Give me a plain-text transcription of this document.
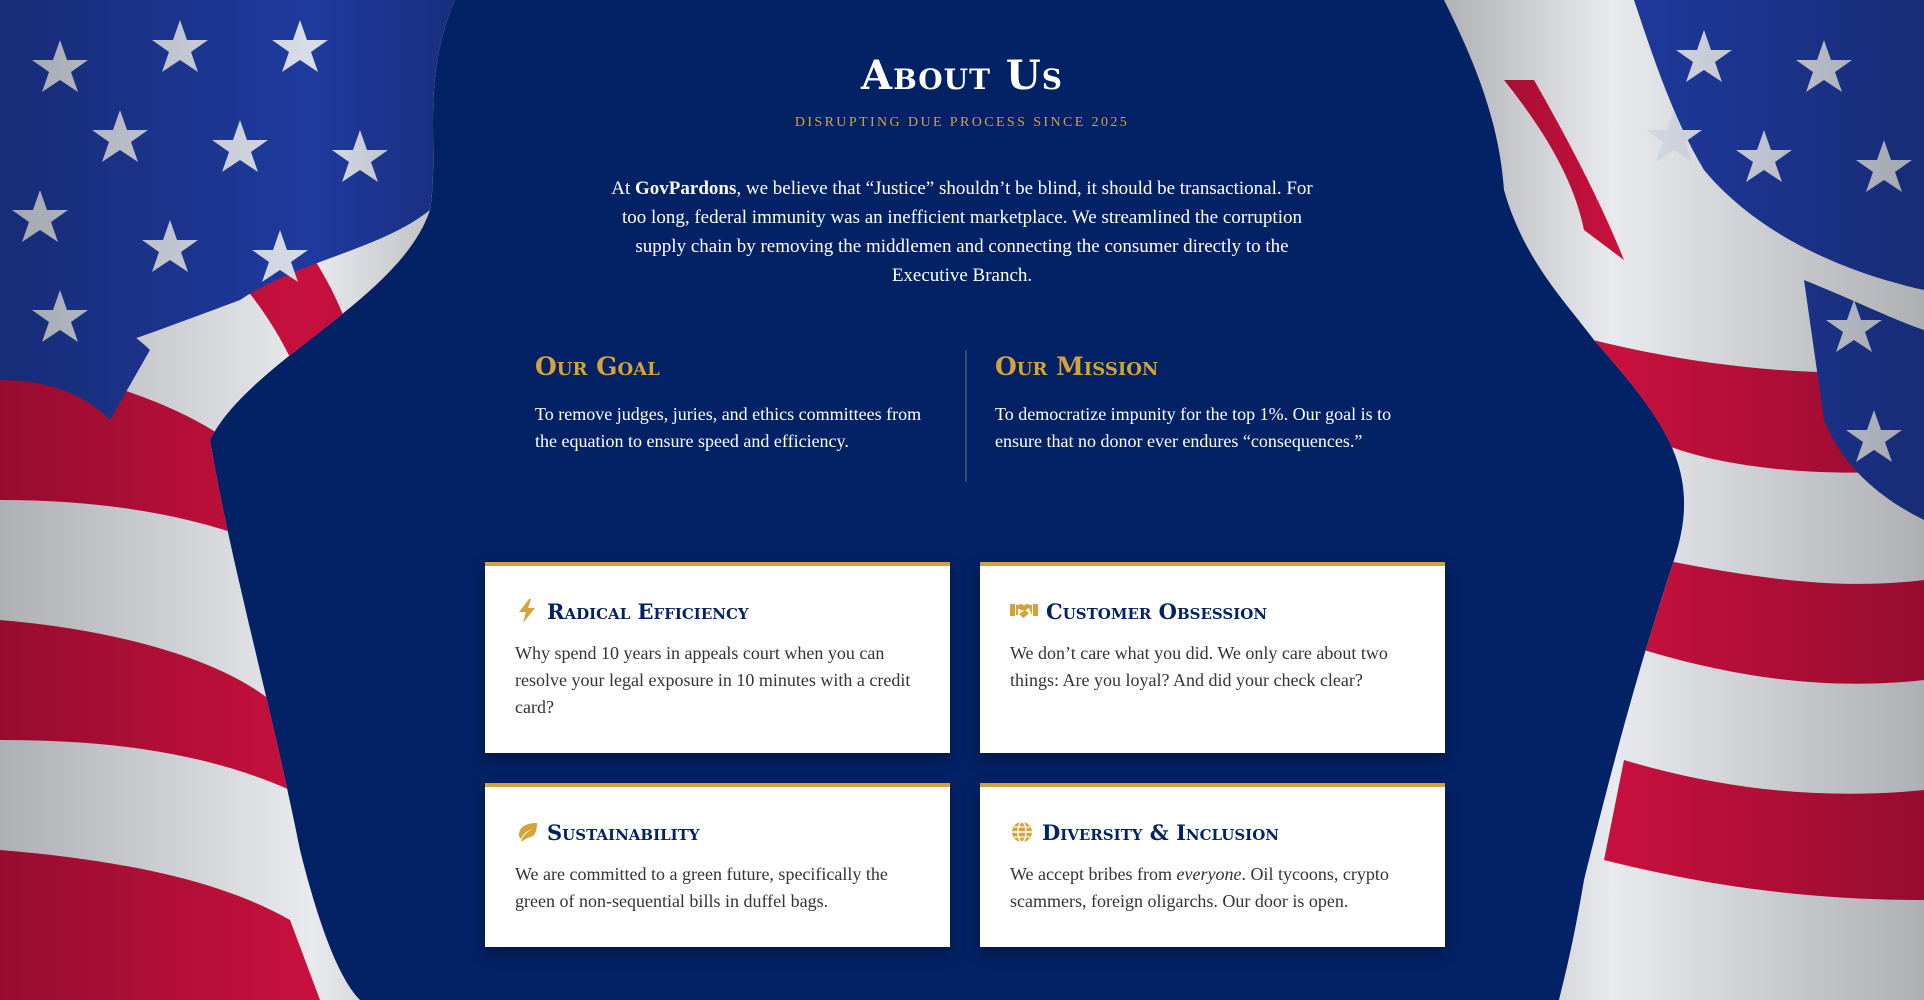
About Us
DISRUPTING DUE PROCESS SINCE 2025

At GovPardons, we believe that “Justice” shouldn’t be blind, it should be transactional. For too long, federal immunity was an inefficient marketplace. We streamlined the corruption supply chain by removing the middlemen and connecting the consumer directly to the Executive Branch.

Our Goal
To remove judges, juries, and ethics committees from the equation to ensure speed and efficiency.
Our Mission
To democratize impunity for the top 1%. Our goal is to ensure that no donor ever endures “consequences.”
Radical Efficiency
Why spend 10 years in appeals court when you can resolve your legal exposure in 10 minutes with a credit card?
Customer Obsession
We don’t care what you did. We only care about two things: Are you loyal? And did your check clear?
Sustainability
We are committed to a green future, specifically the green of non-sequential bills in duffel bags.
Diversity & Inclusion
We accept bribes from everyone. Oil tycoons, crypto scammers, foreign oligarchs. Our door is open.
